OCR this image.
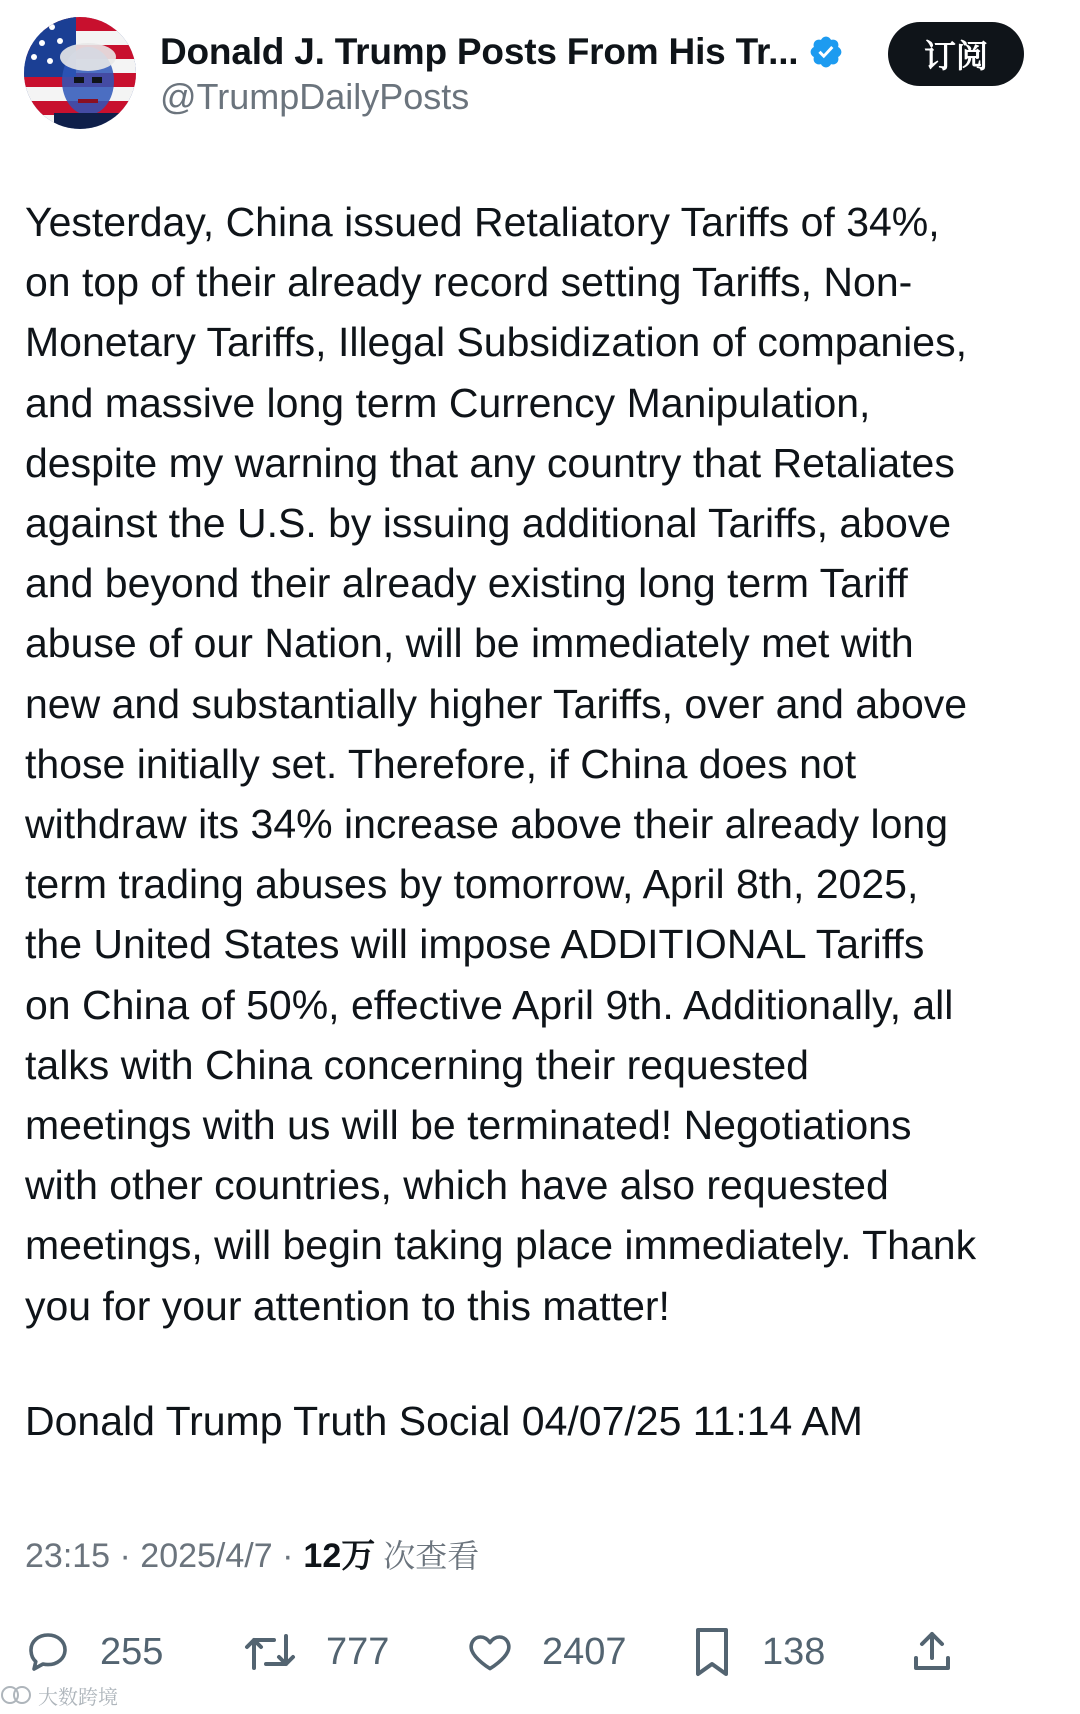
Donald J. Trump Posts From His Tr...
@TrumpDailyPosts
订阅

Yesterday, China issued Retaliatory Tariffs of 34%,
on top of their already record setting Tariffs, Non-
Monetary Tariffs, Illegal Subsidization of companies,
and massive long term Currency Manipulation,
despite my warning that any country that Retaliates
against the U.S. by issuing additional Tariffs, above
and beyond their already existing long term Tariff
abuse of our Nation, will be immediately met with
new and substantially higher Tariffs, over and above
those initially set. Therefore, if China does not
withdraw its 34% increase above their already long
term trading abuses by tomorrow, April 8th, 2025,
the United States will impose ADDITIONAL Tariffs
on China of 50%, effective April 9th. Additionally, all
talks with China concerning their requested
meetings with us will be terminated! Negotiations
with other countries, which have also requested
meetings, will begin taking place immediately. Thank
you for your attention to this matter!

Donald Trump Truth Social 04/07/25 11:14 AM

23:15 · 2025/4/7 · 12万 次查看
255	777	2407	138
大数跨境
